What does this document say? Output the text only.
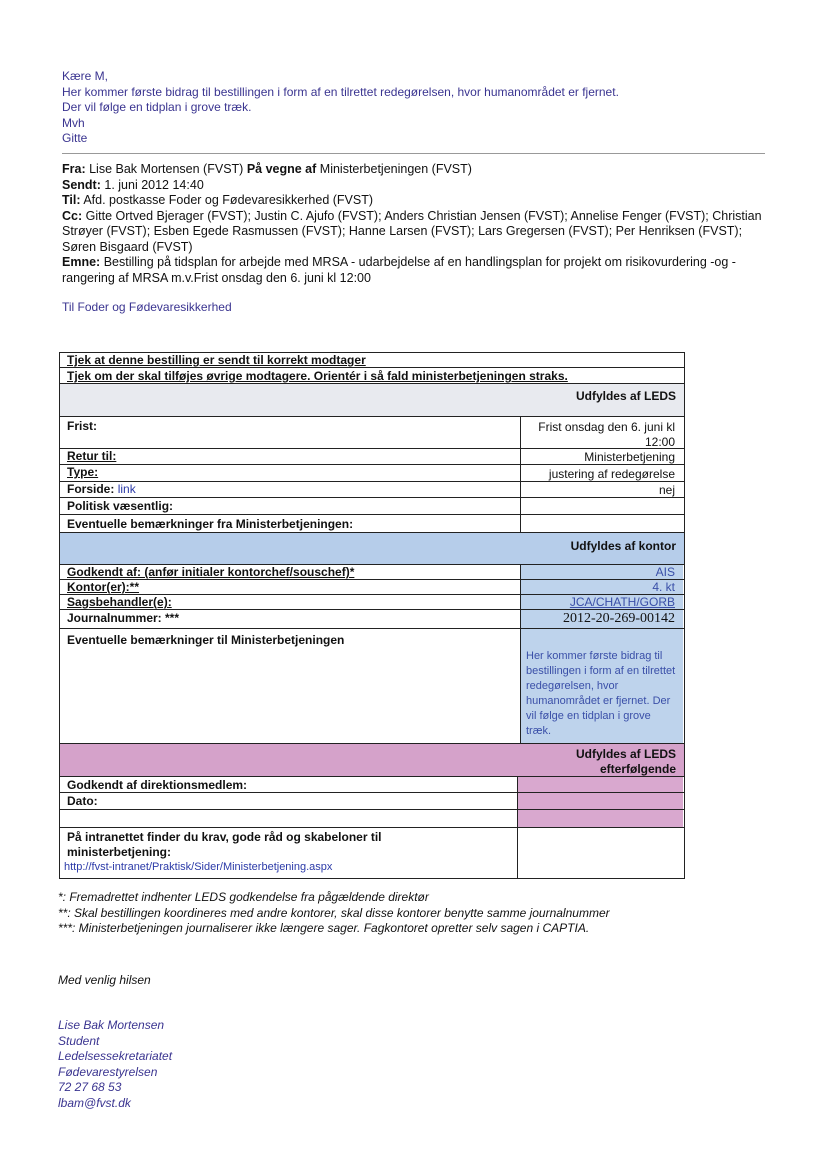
Kære M,
Her kommer første bidrag til bestillingen i form af en tilrettet redegørelsen, hvor humanområdet er fjernet.
Der vil følge en tidplan i grove træk.
Mvh
Gitte
Fra: Lise Bak Mortensen (FVST) På vegne af Ministerbetjeningen (FVST)
Sendt: 1. juni 2012 14:40
Til: Afd. postkasse Foder og Fødevaresikkerhed (FVST)
Cc: Gitte Ortved Bjerager (FVST); Justin C. Ajufo (FVST); Anders Christian Jensen (FVST); Annelise Fenger (FVST); Christian Strøyer (FVST); Esben Egede Rasmussen (FVST); Hanne Larsen (FVST); Lars Gregersen (FVST); Per Henriksen (FVST); Søren Bisgaard (FVST)
Emne: Bestilling på tidsplan for arbejde med MRSA - udarbejdelse af en handlingsplan for projekt om risikovurdering -og -rangering af MRSA m.v.Frist onsdag den 6. juni kl 12:00
Til Foder og Fødevaresikkerhed
Tjek at denne bestilling er sendt til korrekt modtager
Tjek om der skal tilføjes øvrige modtagere. Orientér i så fald ministerbetjeningen straks.
Udfyldes af LEDS
Frist:	Frist onsdag den 6. juni kl 12:00
Retur til:	Ministerbetjening
Type:	justering af redegørelse
Forside: link	nej
Politisk væsentlig:
Eventuelle bemærkninger fra Ministerbetjeningen:
Udfyldes af kontor
Godkendt af: (anfør initialer kontorchef/souschef)*	AIS
Kontor(er):**	4. kt
Sagsbehandler(e):	JCA/CHATH/GORB
Journalnummer: ***	2012-20-269-00142
Eventuelle bemærkninger til Ministerbetjeningen
Her kommer første bidrag til bestillingen i form af en tilrettet redegørelsen, hvor humanområdet er fjernet. Der vil følge en tidplan i grove træk.
Udfyldes af LEDS efterfølgende
Godkendt af direktionsmedlem:
Dato:
På intranettet finder du krav, gode råd og skabeloner til ministerbetjening:
http://fvst-intranet/Praktisk/Sider/Ministerbetjening.aspx
*: Fremadrettet indhenter LEDS godkendelse fra pågældende direktør
**: Skal bestillingen koordineres med andre kontorer, skal disse kontorer benytte samme journalnummer
***: Ministerbetjeningen journaliserer ikke længere sager. Fagkontoret opretter selv sagen i CAPTIA.
Med venlig hilsen
Lise Bak Mortensen
Student
Ledelsessekretariatet
Fødevarestyrelsen
72 27 68 53
lbam@fvst.dk
